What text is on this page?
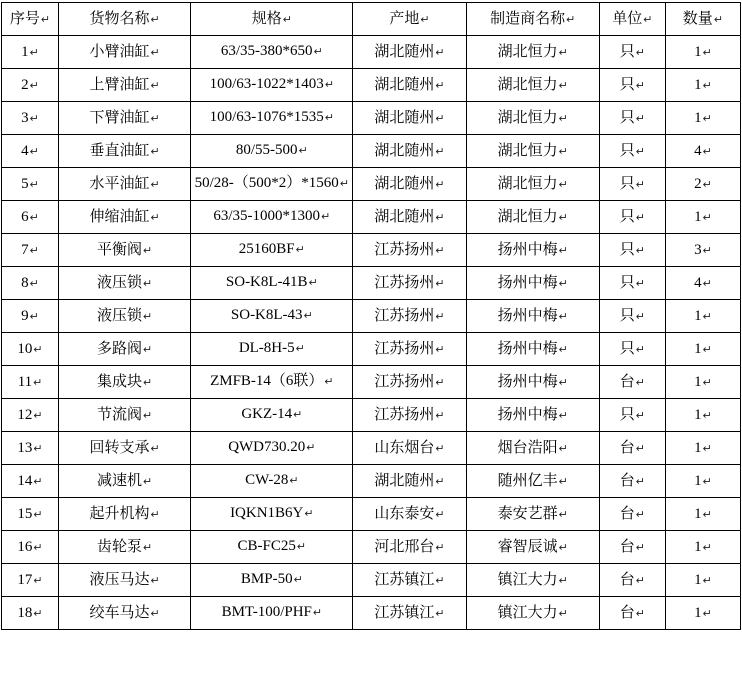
序号↵	货物名称↵	规格↵	产地↵	制造商名称↵	单位↵	数量↵
1↵	小臂油缸↵	63/35-380*650↵	湖北随州↵	湖北恒力↵	只↵	1↵
2↵	上臂油缸↵	100/63-1022*1403↵	湖北随州↵	湖北恒力↵	只↵	1↵
3↵	下臂油缸↵	100/63-1076*1535↵	湖北随州↵	湖北恒力↵	只↵	1↵
4↵	垂直油缸↵	80/55-500↵	湖北随州↵	湖北恒力↵	只↵	4↵
5↵	水平油缸↵	50/28-（500*2）*1560↵	湖北随州↵	湖北恒力↵	只↵	2↵
6↵	伸缩油缸↵	63/35-1000*1300↵	湖北随州↵	湖北恒力↵	只↵	1↵
7↵	平衡阀↵	25160BF↵	江苏扬州↵	扬州中梅↵	只↵	3↵
8↵	液压锁↵	SO-K8L-41B↵	江苏扬州↵	扬州中梅↵	只↵	4↵
9↵	液压锁↵	SO-K8L-43↵	江苏扬州↵	扬州中梅↵	只↵	1↵
10↵	多路阀↵	DL-8H-5↵	江苏扬州↵	扬州中梅↵	只↵	1↵
11↵	集成块↵	ZMFB-14（6联）↵	江苏扬州↵	扬州中梅↵	台↵	1↵
12↵	节流阀↵	GKZ-14↵	江苏扬州↵	扬州中梅↵	只↵	1↵
13↵	回转支承↵	QWD730.20↵	山东烟台↵	烟台浩阳↵	台↵	1↵
14↵	减速机↵	CW-28↵	湖北随州↵	随州亿丰↵	台↵	1↵
15↵	起升机构↵	IQKN1B6Y↵	山东泰安↵	泰安艺群↵	台↵	1↵
16↵	齿轮泵↵	CB-FC25↵	河北邢台↵	睿智辰诚↵	台↵	1↵
17↵	液压马达↵	BMP-50↵	江苏镇江↵	镇江大力↵	台↵	1↵
18↵	绞车马达↵	BMT-100/PHF↵	江苏镇江↵	镇江大力↵	台↵	1↵
